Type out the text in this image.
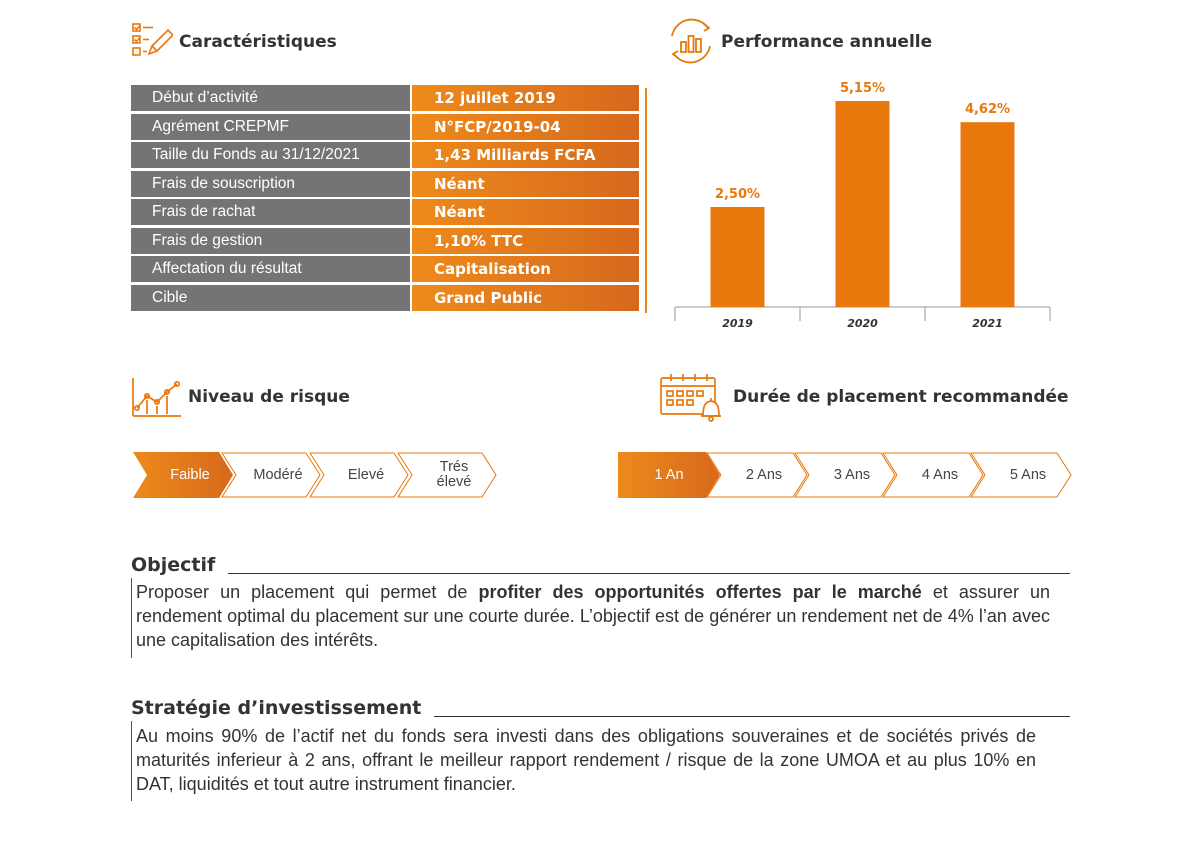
Caractéristiques
Début d’activité	12 juillet 2019
Agrément CREPMF	N°FCP/2019-04
Taille du Fonds au 31/12/2021	1,43 Milliards FCFA
Frais de souscription	Néant
Frais de rachat	Néant
Frais de gestion	1,10% TTC
Affectation du résultat	Capitalisation
Cible	Grand Public
Performance annuelle
2,50%
2019
5,15%
2020
4,62%
2021
Niveau de risque
Faible	Modéré	Elevé	Trés
élevé
Durée de placement recommandée
1 An	2 Ans	3 Ans	4 Ans	5 Ans
Objectif
Proposer un placement qui permet de profiter des opportunités offertes par le marché et assurer un rendement optimal du placement sur une courte durée. L’objectif est de générer un rendement net de 4% l’an avec une capitalisation des intérêts.
Stratégie d’investissement
Au moins 90% de l’actif net du fonds sera investi dans des obligations souveraines et de sociétés privés de maturités inferieur à 2 ans, offrant le meilleur rapport rendement / risque de la zone UMOA et au plus 10% en DAT, liquidités et tout autre instrument financier.
